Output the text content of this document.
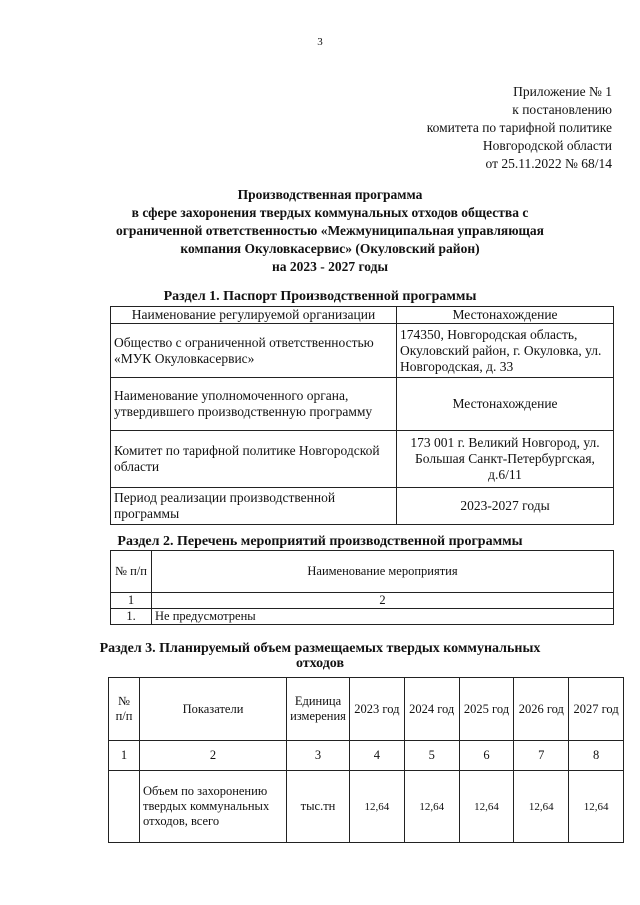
3
Приложение № 1
к постановлению
комитета по тарифной политике
Новгородской области
от 25.11.2022 № 68/14
Производственная программа
в сфере захоронения твердых коммунальных отходов общества с
ограниченной ответственностью «Межмуниципальная управляющая
компания Окуловкасервис» (Окуловский район)
на 2023 - 2027 годы
Раздел 1. Паспорт Производственной программы
Наименование регулируемой организации	Местонахождение
Общество с ограниченной ответственностью «МУК Окуловкасервис»	174350, Новгородская область, Окуловский район, г. Окуловка, ул. Новгородская, д. 33
Наименование уполномоченного органа, утвердившего производственную программу	Местонахождение
Комитет по тарифной политике Новгородской области	173 001 г. Великий Новгород, ул. Большая Санкт-Петербургская, д.6/11
Период реализации производственной программы	2023-2027 годы
Раздел 2. Перечень мероприятий производственной программы
№ п/п	Наименование мероприятия
1	2
1.	Не предусмотрены
Раздел 3. Планируемый объем размещаемых твердых коммунальных
отходов
№ п/п	Показатели	Единица измерения	2023 год	2024 год	2025 год	2026 год	2027 год
1	2	3	4	5	6	7	8
	Объем по захоронению твердых коммунальных отходов, всего	тыс.тн	12,64	12,64	12,64	12,64	12,64
